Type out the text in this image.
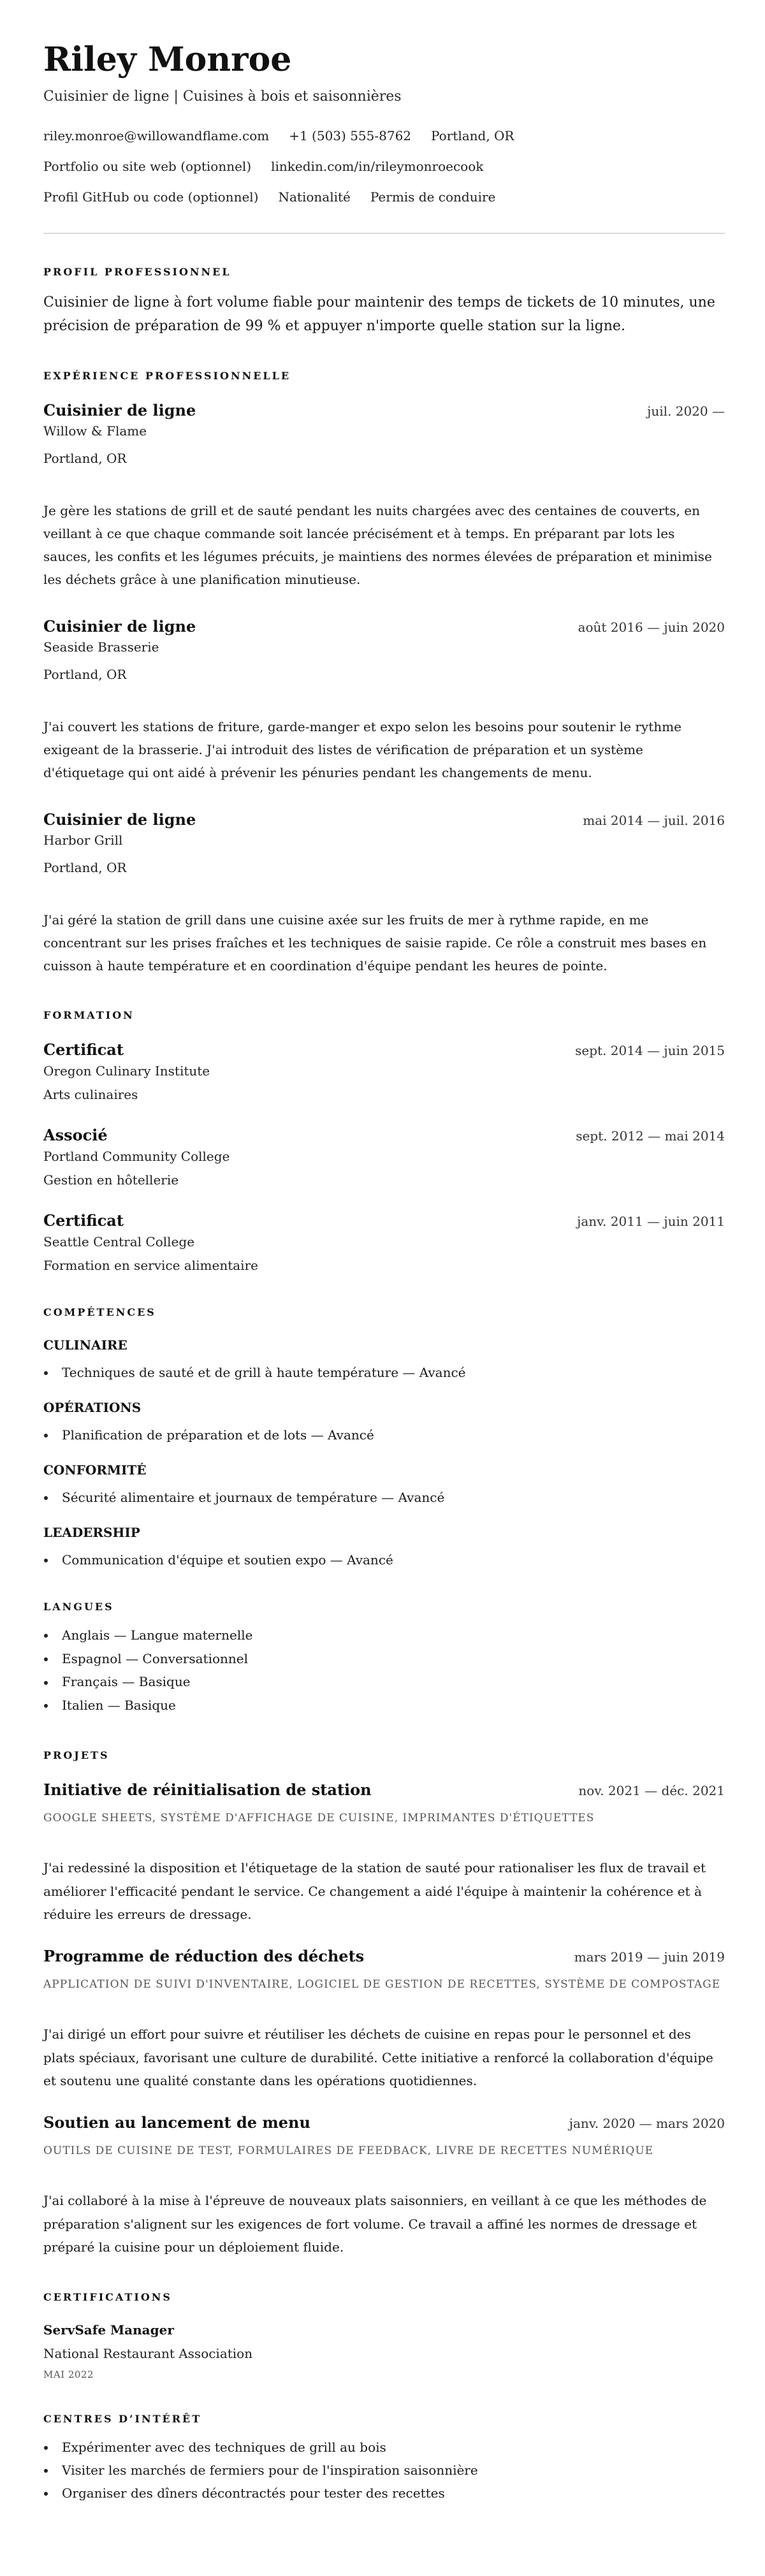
Riley Monroe
Cuisinier de ligne | Cuisines à bois et saisonnières
riley.monroe@willowandflame.com +1 (503) 555-8762 Portland, OR
Portfolio ou site web (optionnel) linkedin.com/in/rileymonroecook
Profil GitHub ou code (optionnel) Nationalité Permis de conduire
PROFIL PROFESSIONNEL

Cuisinier de ligne à fort volume fiable pour maintenir des temps de tickets de 10 minutes, une précision de préparation de 99 % et appuyer n'importe quelle station sur la ligne.

EXPÉRIENCE PROFESSIONNELLE
Cuisinier de ligne	juil. 2020 —
Willow & Flame
Portland, OR

Je gère les stations de grill et de sauté pendant les nuits chargées avec des centaines de couverts, en veillant à ce que chaque commande soit lancée précisément et à temps. En préparant par lots les sauces, les confits et les légumes précuits, je maintiens des normes élevées de préparation et minimise les déchets grâce à une planification minutieuse.

Cuisinier de ligne	août 2016 — juin 2020
Seaside Brasserie
Portland, OR

J'ai couvert les stations de friture, garde-manger et expo selon les besoins pour soutenir le rythme exigeant de la brasserie. J'ai introduit des listes de vérification de préparation et un système d'étiquetage qui ont aidé à prévenir les pénuries pendant les changements de menu.

Cuisinier de ligne	mai 2014 — juil. 2016
Harbor Grill
Portland, OR

J'ai géré la station de grill dans une cuisine axée sur les fruits de mer à rythme rapide, en me concentrant sur les prises fraîches et les techniques de saisie rapide. Ce rôle a construit mes bases en cuisson à haute température et en coordination d'équipe pendant les heures de pointe.

FORMATION
Certificat	sept. 2014 — juin 2015
Oregon Culinary Institute
Arts culinaires
Associé	sept. 2012 — mai 2014
Portland Community College
Gestion en hôtellerie
Certificat	janv. 2011 — juin 2011
Seattle Central College
Formation en service alimentaire
COMPÉTENCES
CULINAIRE
Techniques de sauté et de grill à haute température — Avancé
OPÉRATIONS
Planification de préparation et de lots — Avancé
CONFORMITÉ
Sécurité alimentaire et journaux de température — Avancé
LEADERSHIP
Communication d'équipe et soutien expo — Avancé
LANGUES
Anglais — Langue maternelle
Espagnol — Conversationnel
Français — Basique
Italien — Basique
PROJETS
Initiative de réinitialisation de station	nov. 2021 — déc. 2021
GOOGLE SHEETS, SYSTÈME D'AFFICHAGE DE CUISINE, IMPRIMANTES D'ÉTIQUETTES

J'ai redessiné la disposition et l'étiquetage de la station de sauté pour rationaliser les flux de travail et améliorer l'efficacité pendant le service. Ce changement a aidé l'équipe à maintenir la cohérence et à réduire les erreurs de dressage.

Programme de réduction des déchets	mars 2019 — juin 2019
APPLICATION DE SUIVI D'INVENTAIRE, LOGICIEL DE GESTION DE RECETTES, SYSTÈME DE COMPOSTAGE

J'ai dirigé un effort pour suivre et réutiliser les déchets de cuisine en repas pour le personnel et des plats spéciaux, favorisant une culture de durabilité. Cette initiative a renforcé la collaboration d'équipe et soutenu une qualité constante dans les opérations quotidiennes.

Soutien au lancement de menu	janv. 2020 — mars 2020
OUTILS DE CUISINE DE TEST, FORMULAIRES DE FEEDBACK, LIVRE DE RECETTES NUMÉRIQUE

J'ai collaboré à la mise à l'épreuve de nouveaux plats saisonniers, en veillant à ce que les méthodes de préparation s'alignent sur les exigences de fort volume. Ce travail a affiné les normes de dressage et préparé la cuisine pour un déploiement fluide.

CERTIFICATIONS
ServSafe Manager
National Restaurant Association
MAI 2022
CENTRES D’INTÉRÊT
Expérimenter avec des techniques de grill au bois
Visiter les marchés de fermiers pour de l'inspiration saisonnière
Organiser des dîners décontractés pour tester des recettes
